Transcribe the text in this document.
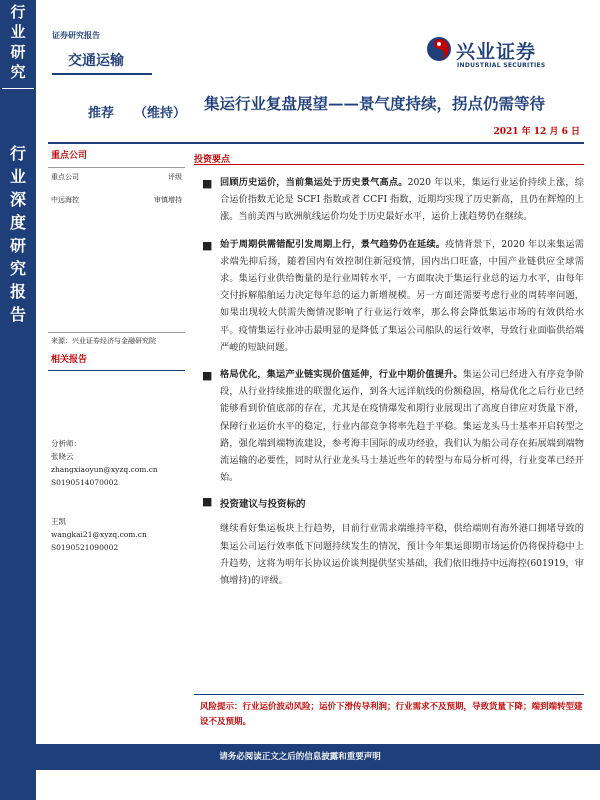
行
业
研
究
行
业
深
度
研
究
报
告
证券研究报告
交通运输	兴业证券
INDUSTRIAL SECURITIES
推荐 （维持）
集运行业复盘展望——景气度持续，拐点仍需等待
2021 年 12 月 6 日
重点公司
重点公司	评级
中远海控	审慎增持
来源：兴业证券经济与金融研究院
相关报告
分析师：
张晓云
zhangxiaoyun@xyzq.com.cn
S0190514070002
王凯
wangkai21@xyzq.com.cn
S0190521090002
投资要点
■ 回顾历史运价，当前集运处于历史景气高点。2020 年以来，集运行业运价持续上涨，综合运价指数无论是 SCFI 指数或者 CCFI 指数，近期均实现了历史新高，且仍在辉煌的上涨。当前美西与欧洲航线运价均处于历史最好水平，运价上涨趋势仍在继续。
■ 始于周期供需错配引发周期上行，景气趋势仍在延续。疫情背景下，2020 年以来集运需求端先抑后扬，随着国内有效控制住新冠疫情，国内出口旺盛，中国产业链供应全球需求。集运行业供给衡量的是行业周转水平，一方面取决于集运行业总的运力水平，由每年交付拆解船舶运力决定每年总的运力新增规模。另一方面还需要考虑行业的周转率问题，如果出现较大供需失衡情况影响了行业运行效率，那么将会降低集运市场的有效供给水平。疫情集运行业冲击最明显的是降低了集运公司船队的运行效率，导致行业面临供给端严峻的短缺问题。
■ 格局优化，集运产业链实现价值延伸，行业中期价值提升。集运公司已经进入有序竞争阶段，从行业持续推进的联盟化运作，到各大远洋航线的份额稳固，格局优化之后行业已经能够看到价值底部的存在，尤其是在疫情爆发和期行业展现出了高度自律应对货量下滑，保障行业运价水平的稳定，行业内部竞争将率先趋于平稳。集运龙头马士基率开启转型之路，强化端到端物流建设，参考海丰国际的成功经验，我们认为船公司存在拓展端到端物流运输的必要性，同时从行业龙头马士基近些年的转型与布局分析可得，行业变革已经开始。
■ 投资建议与投资标的
继续看好集运板块上行趋势，目前行业需求端维持平稳，供给端则有海外港口拥堵导致的集运公司运行效率低下问题持续发生的情况，预计今年集运即期市场运价仍将保持稳中上升趋势，这将为明年长协议运价谈判提供坚实基础，我们依旧维持中远海控(601919，审慎增持)的评级。
风险提示：行业运价波动风险；运价下滑传导利润；行业需求不及预期，导致货量下降；端到端转型建设不及预期。
请务必阅读正文之后的信息披露和重要声明
